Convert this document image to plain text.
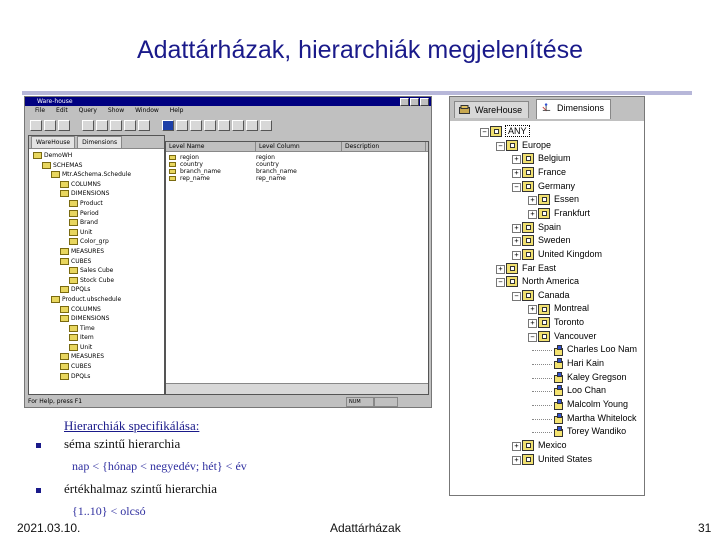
Adattárházak, hierarchiák megjelenítése
Ware-house
File Edit Query Show Window Help

WareHouse Dimensions
DemoWH
SCHEMAS
Mtr.ASchema.Schedule
COLUMNS
DIMENSIONS
Product
Period
Brand
Unit
Color_grp
MEASURES
CUBES
Sales Cube
Stock Cube
DPQLs
Product.ubschedule
COLUMNS
DIMENSIONS
Time
Item
Unit
MEASURES
CUBES
DPQLs
Level Name	Level Column	Description
region	region
country	country
branch_name	branch_name
rep_name	rep_name
For Help, press F1	NUM
WareHouse	Dimensions
−	ANY
−	Europe
+	Belgium
+	France
−	Germany
+	Essen
+	Frankfurt
+	Spain
+	Sweden
+	United Kingdom
+	Far East
−	North America
−	Canada
+	Montreal
+	Toronto
−	Vancouver
Charles Loo Nam
Hari Kain
Kaley Gregson
Loo Chan
Malcolm Young
Martha Whitelock
Torey Wandiko
+	Mexico
+	United States
Hierarchiák specifikálása:
séma szintű hierarchia
nap < {hónap < negyedév; hét} < év
értékhalmaz szintű hierarchia
{1..10} < olcsó
2021.03.10.	Adattárházak	31
